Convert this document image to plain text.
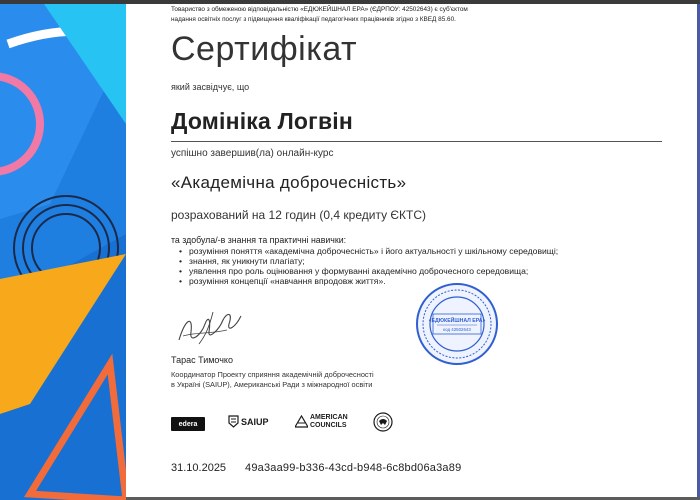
Товариство з обмеженою відповідальністю «ЕДЮКЕЙШНАЛ ЕРА» (ЄДРПОУ: 42502643) є суб'єктом
надання освітніх послуг з підвищення кваліфікації педагогічних працівників згідно з КВЕД 85.60.
Сертифікат
який засвідчує, що
Домініка Логвін
успішно завершив(ла) онлайн-курс
«Академічна доброчесність»
розрахований на 12 годин (0,4 кредиту ЄКТС)
та здобула/-в знання та практичні навички:
• розуміння поняття «академічна доброчесність» і його актуальності у шкільному середовищі;
• знання, як уникнути плагіату;
• уявлення про роль оцінювання у формуванні академічно доброчесного середовища;
• розуміння концепції «навчання впродовж життя».
Тарас Тимочко
Координатор Проекту сприяння академічній доброчесності
в Україні (SAIUP), Американські Ради з міжнародної освіти
«ЕДЮКЕЙШНАЛ ЕРА»
код 42502643
edera	SAIUP	AMERICAN
COUNCILS
31.10.2025 49a3aa99-b336-43cd-b948-6c8bd06a3a89
